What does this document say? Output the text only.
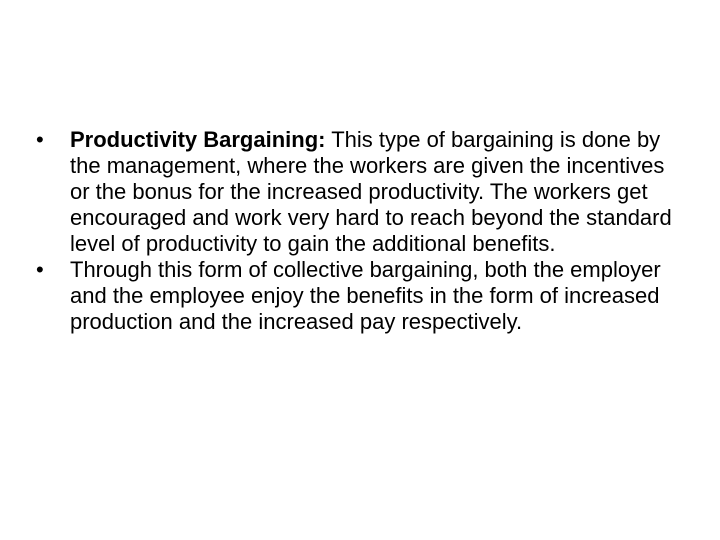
•	Productivity Bargaining: This type of bargaining is done by the management, where the workers are given the incentives or the bonus for the increased productivity. The workers get encouraged and work very hard to reach beyond the standard level of productivity to gain the additional benefits.
•	Through this form of collective bargaining, both the employer and the employee enjoy the benefits in the form of increased production and the increased pay respectively.
